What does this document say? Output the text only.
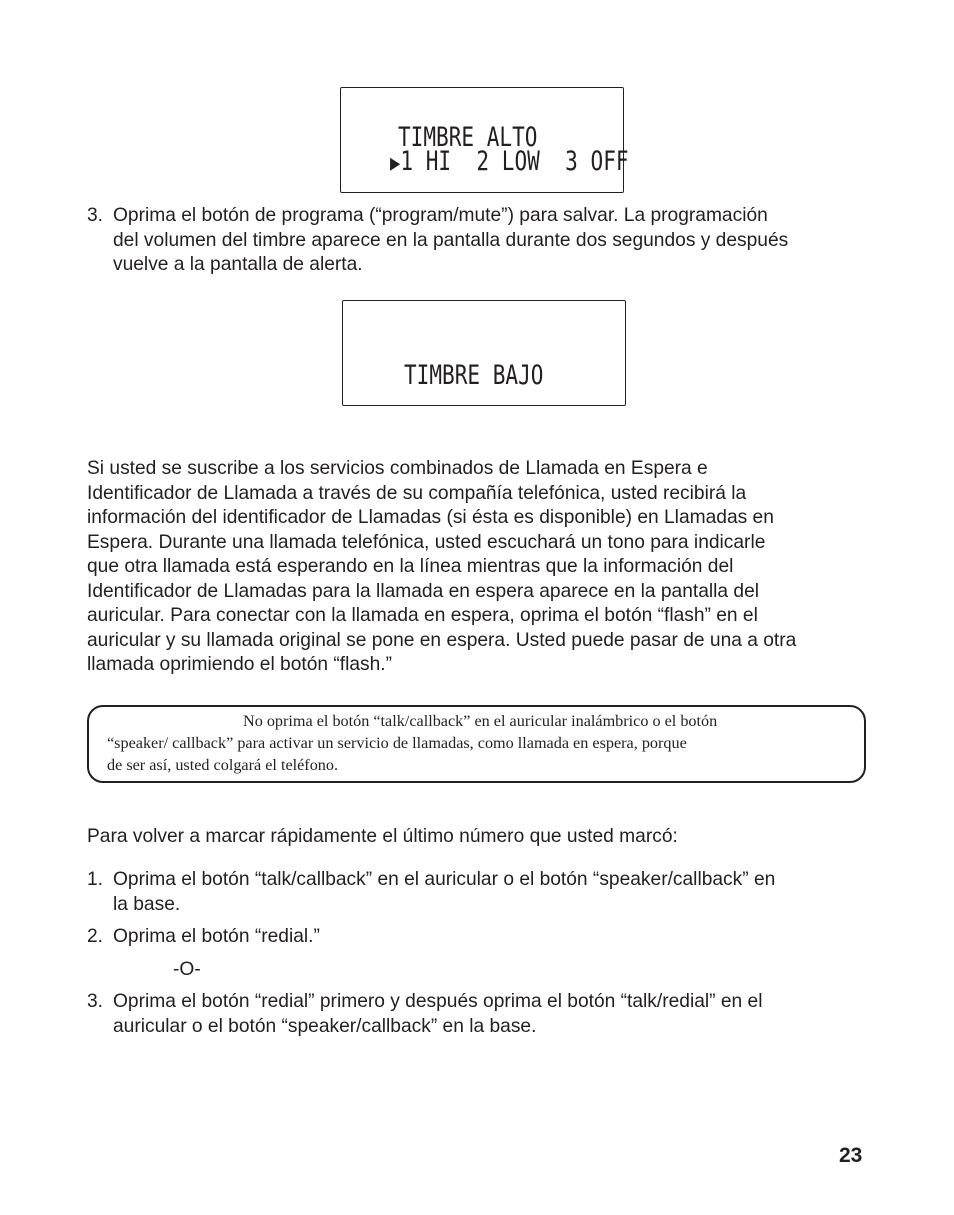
TIMBRE ALTO
▶1 HI  2 LOW  3 OFF
3. Oprima el botón de programa (“program/mute”) para salvar. La programación
del volumen del timbre aparece en la pantalla durante dos segundos y después
vuelve a la pantalla de alerta.
TIMBRE BAJO
Si usted se suscribe a los servicios combinados de Llamada en Espera e
Identificador de Llamada a través de su compañía telefónica, usted recibirá la
información del identificador de Llamadas (si ésta es disponible) en Llamadas en
Espera. Durante una llamada telefónica, usted escuchará un tono para indicarle
que otra llamada está esperando en la línea mientras que la información del
Identificador de Llamadas para la llamada en espera aparece en la pantalla del
auricular. Para conectar con la llamada en espera, oprima el botón “flash” en el
auricular y su llamada original se pone en espera. Usted puede pasar de una a otra
llamada oprimiendo el botón “flash.”
No oprima el botón “talk/callback” en el auricular inalámbrico o el botón
“speaker/ callback” para activar un servicio de llamadas, como llamada en espera, porque
de ser así, usted colgará el teléfono.
Para volver a marcar rápidamente el último número que usted marcó:
1. Oprima el botón “talk/callback” en el auricular o el botón “speaker/callback” en
la base.
2. Oprima el botón “redial.”
-O-
3. Oprima el botón “redial” primero y después oprima el botón “talk/redial” en el
auricular o el botón “speaker/callback” en la base.
23
